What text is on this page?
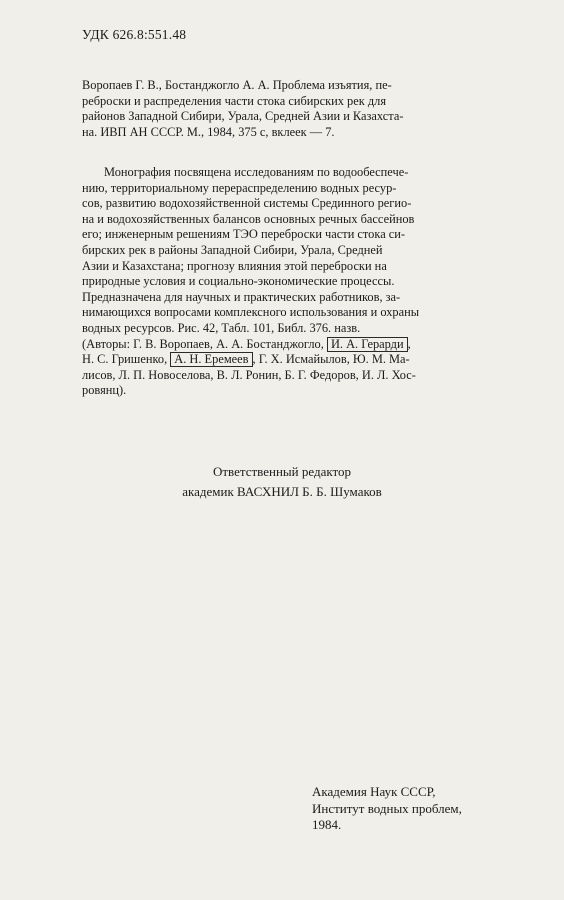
УДК 626.8:551.48
Воропаев Г. В., Бостанджогло А. А. Проблема изъятия, пе-
реброски и распределения части стока сибирских рек для
районов Западной Сибири, Урала, Средней Азии и Казахста-
на. ИВП АН СССР. М., 1984, 375 с, вклеек — 7.
Монография посвящена исследованиям по водообеспече-
нию, территориальному перераспределению водных ресур-
сов, развитию водохозяйственной системы Срединного регио-
на и водохозяйственных балансов основных речных бассейнов
его; инженерным решениям ТЭО переброски части стока си-
бирских рек в районы Западной Сибири, Урала, Средней
Азии и Казахстана; прогнозу влияния этой переброски на
природные условия и социально-экономические процессы.
Предназначена для научных и практических работников, за-
нимающихся вопросами комплексного использования и охраны
водных ресурсов. Рис. 42, Табл. 101, Библ. 376. назв.
(Авторы: Г. В. Воропаев, А. А. Бостанджогло, И. А. Герарди ,
Н. С. Гришенко, А. Н. Еремеев , Г. Х. Исмайылов, Ю. М. Ма-
лисов, Л. П. Новоселова, В. Л. Ронин, Б. Г. Федоров, И. Л. Хос-
ровянц).
Ответственный редактор
академик ВАСХНИЛ Б. Б. Шумаков
Академия Наук СССР,
Институт водных проблем,
1984.
